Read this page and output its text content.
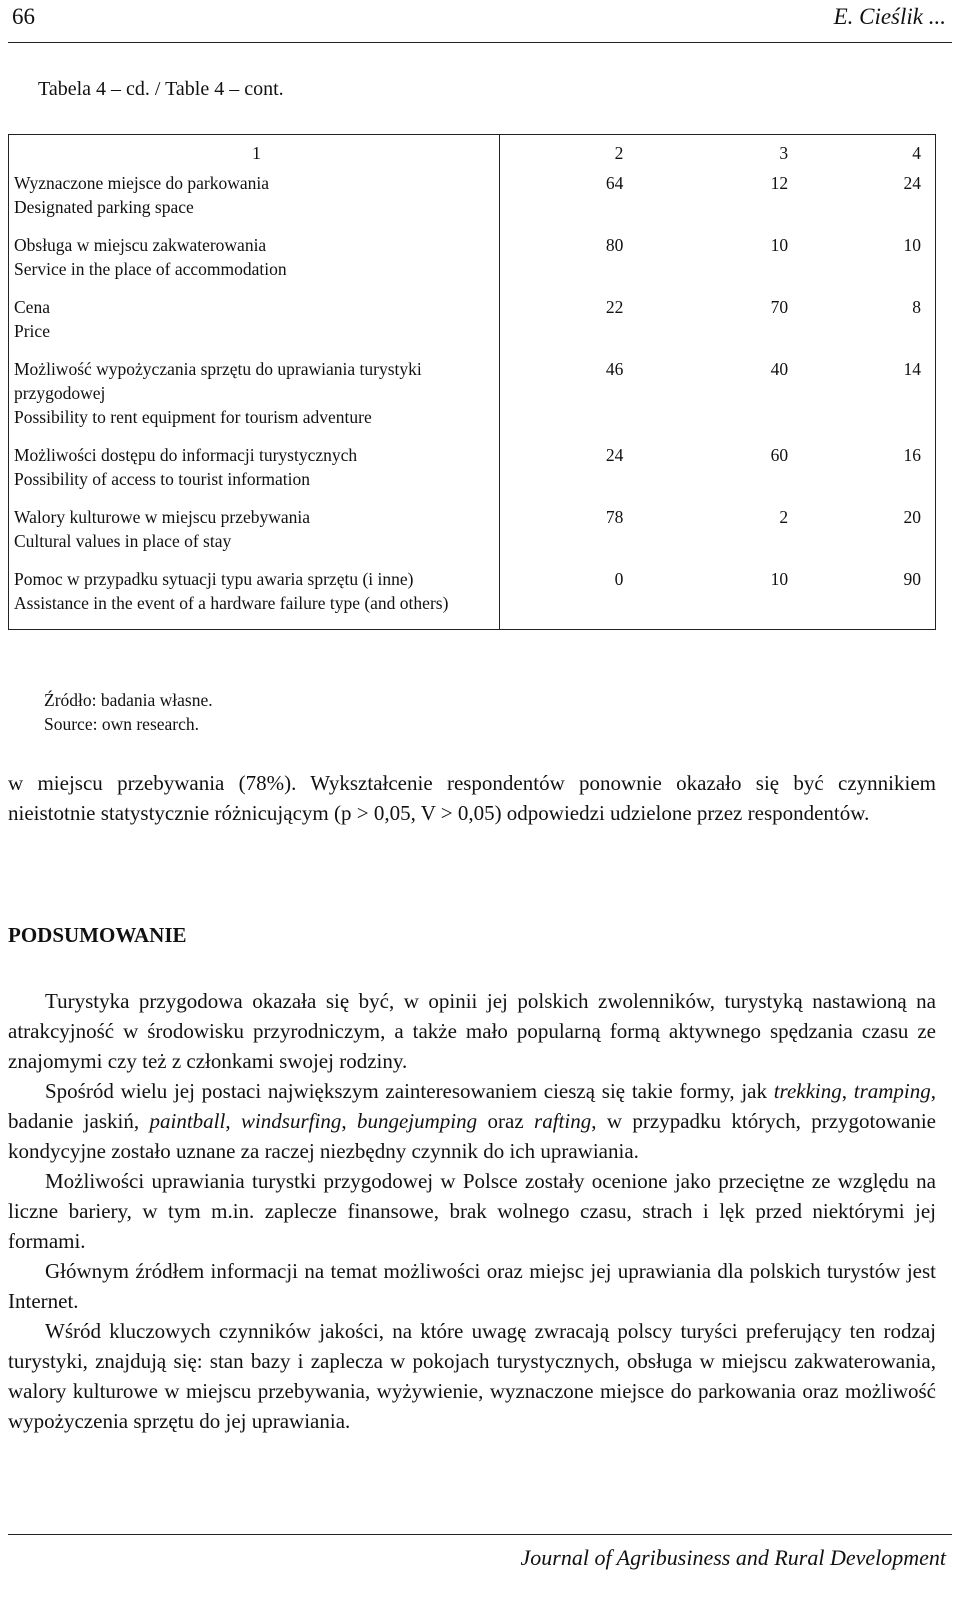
66	E. Cieślik ...
Tabela 4 – cd. / Table 4 – cont.
1	2	3	4

Wyznaczone miejsce do parkowania
Designated parking space	64	12	24

Obsługa w miejscu zakwaterowania
Service in the place of accommodation	80	10	10

Cena
Price	22	70	8

Możliwość wypożyczania sprzętu do uprawiania turystyki przygodowej
Possibility to rent equipment for tourism adventure	46	40	14

Możliwości dostępu do informacji turystycznych
Possibility of access to tourist information	24	60	16

Walory kulturowe w miejscu przebywania
Cultural values in place of stay	78	2	20

Pomoc w przypadku sytuacji typu awaria sprzętu (i inne)
Assistance in the event of a hardware failure type (and others)	0	10	90
Źródło: badania własne.
Source: own research.
w miejscu przebywania (78%). Wykształcenie respondentów ponownie okazało się być czynnikiem nieistotnie statystycznie różnicującym (p > 0,05, V > 0,05) odpowiedzi udzielone przez respondentów.
PODSUMOWANIE

Turystyka przygodowa okazała się być, w opinii jej polskich zwolenników, turystyką nastawioną na atrakcyjność w środowisku przyrodniczym, a także mało popularną formą aktywnego spędzania czasu ze znajomymi czy też z członkami swojej rodziny.

Spośród wielu jej postaci największym zainteresowaniem cieszą się takie formy, jak trekking, tramping, badanie jaskiń, paintball, windsurfing, bungejumping oraz rafting, w przypadku których, przygotowanie kondycyjne zostało uznane za raczej niezbędny czynnik do ich uprawiania.

Możliwości uprawiania turystki przygodowej w Polsce zostały ocenione jako przeciętne ze względu na liczne bariery, w tym m.in. zaplecze finansowe, brak wolnego czasu, strach i lęk przed niektórymi jej formami.

Głównym źródłem informacji na temat możliwości oraz miejsc jej uprawiania dla polskich turystów jest Internet.

Wśród kluczowych czynników jakości, na które uwagę zwracają polscy turyści preferujący ten rodzaj turystyki, znajdują się: stan bazy i zaplecza w pokojach turystycznych, obsługa w miejscu zakwaterowania, walory kulturowe w miejscu przebywania, wyżywienie, wyznaczone miejsce do parkowania oraz możliwość wypożyczenia sprzętu do jej uprawiania.

Journal of Agribusiness and Rural Development
